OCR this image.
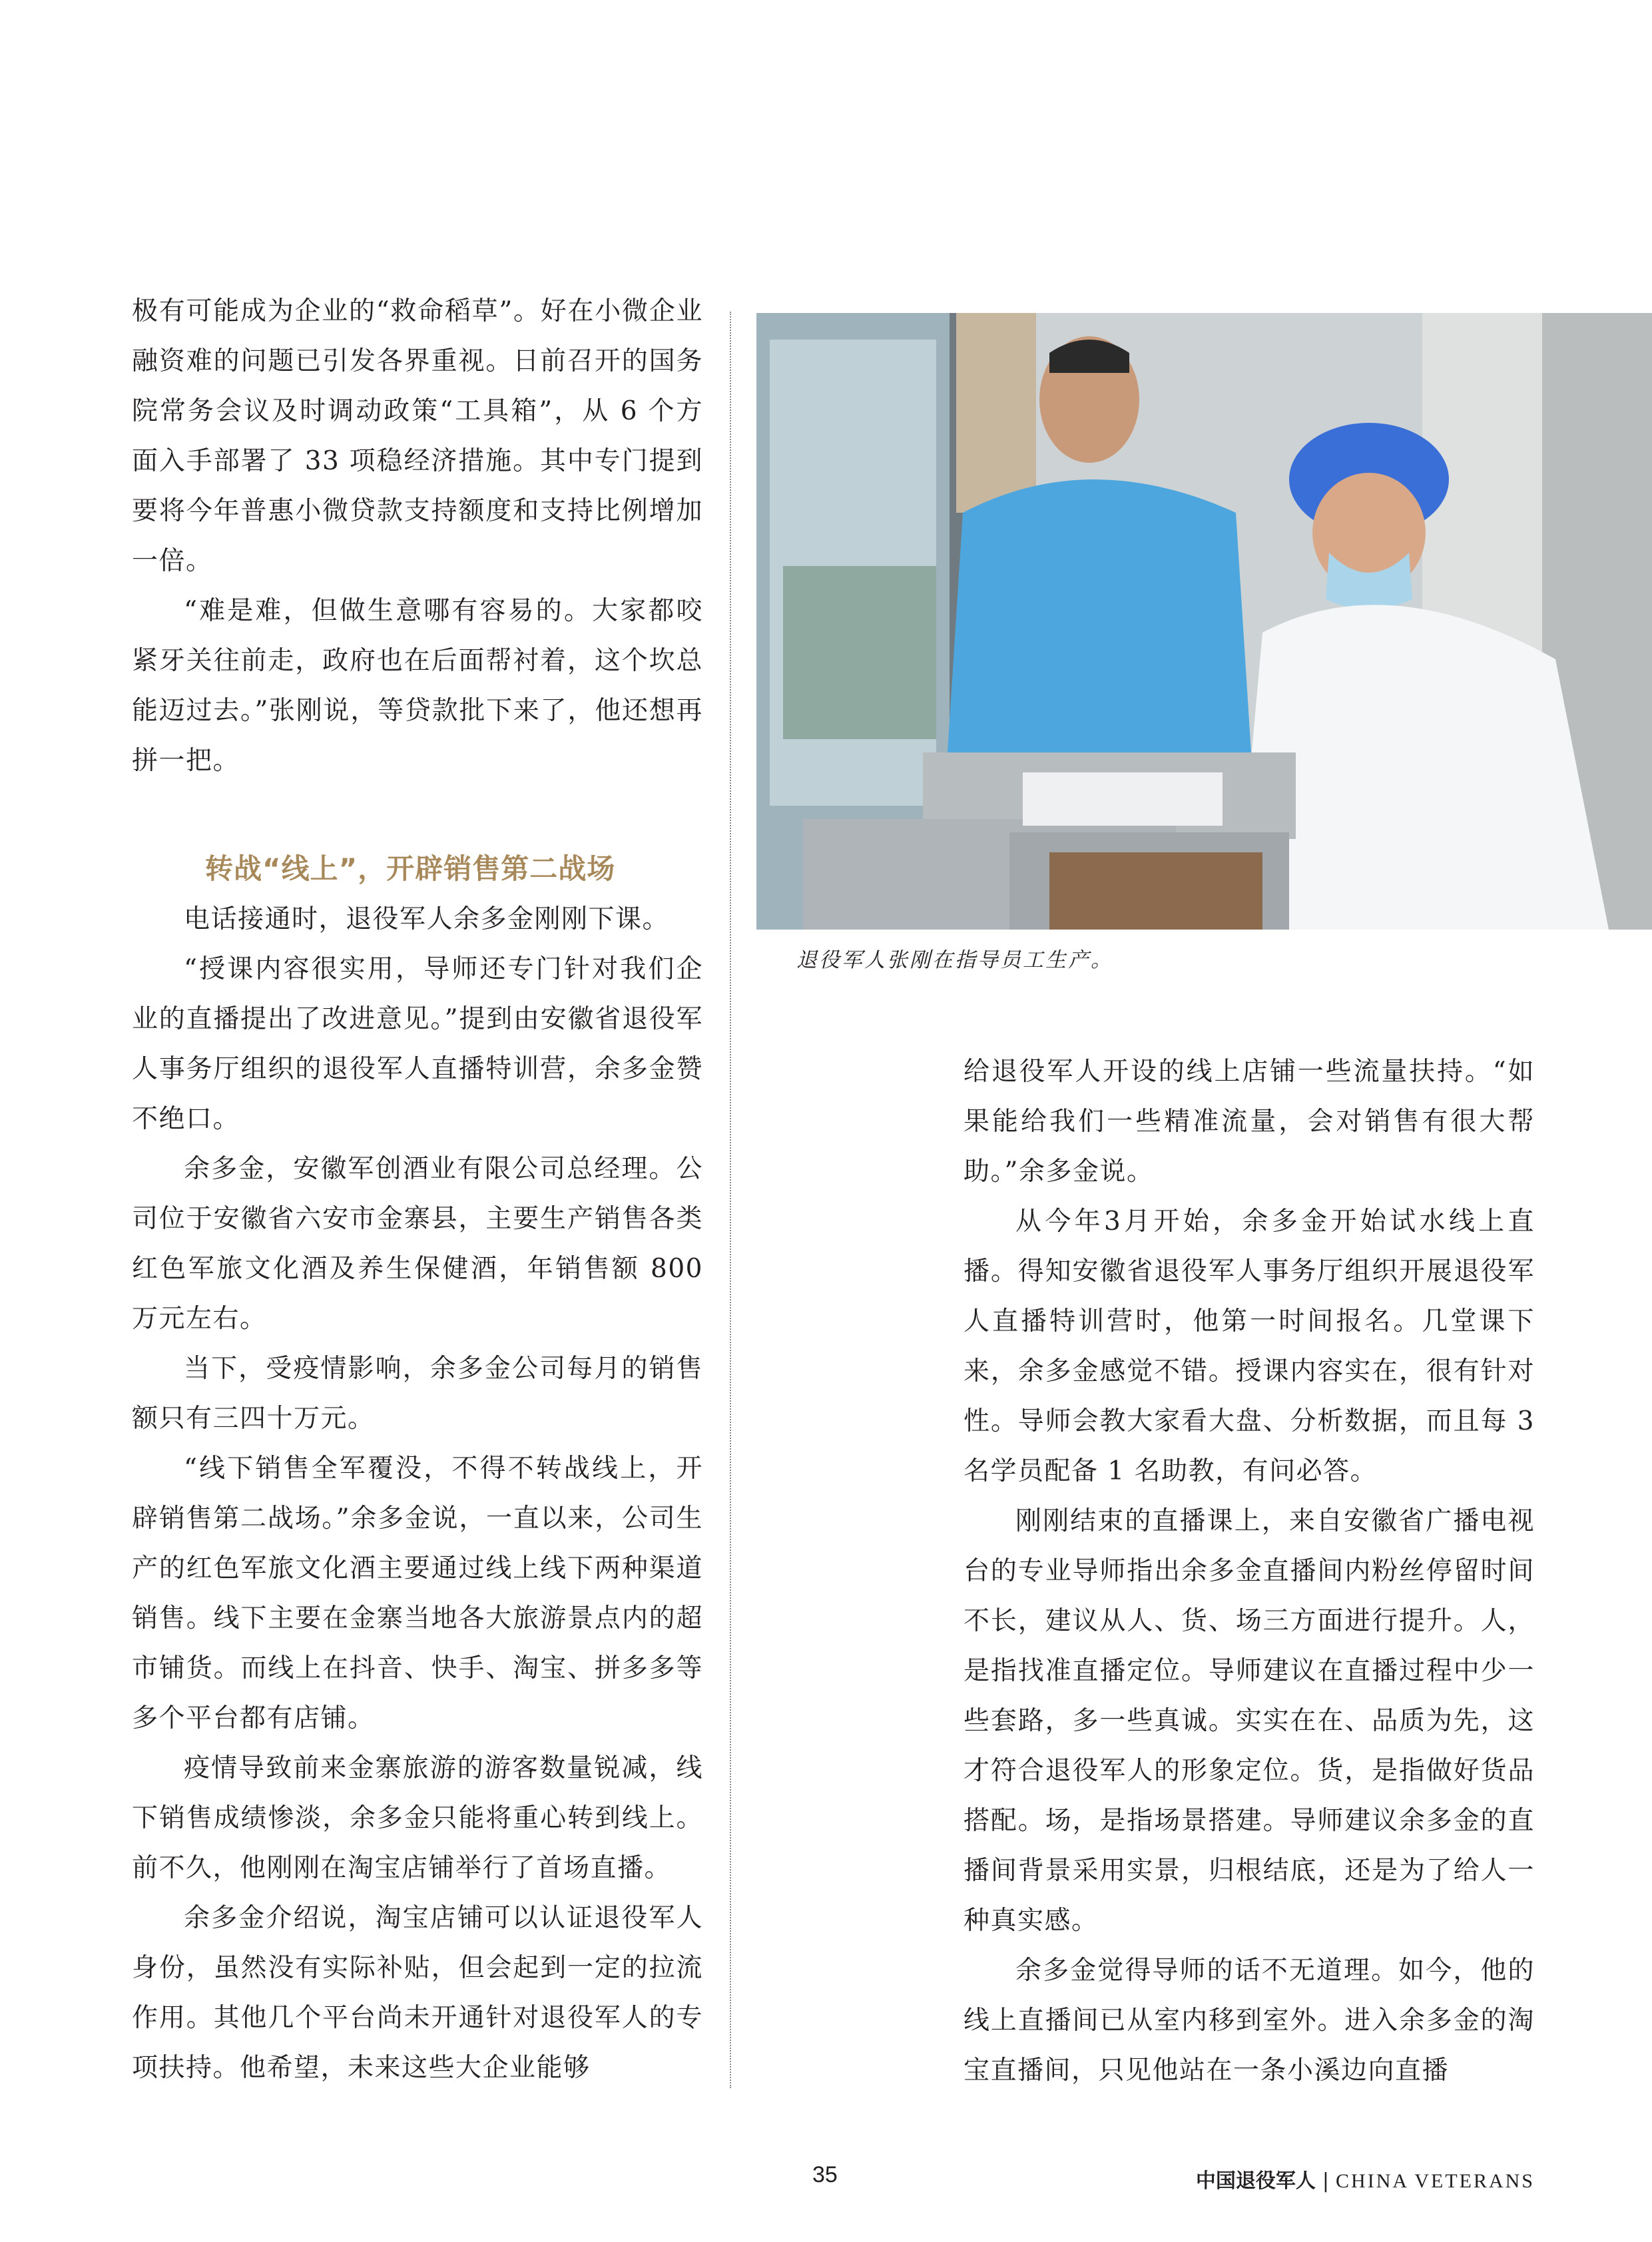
极有可能成为企业的“救命稻草”。好在小微企业融资难的问题已引发各界重视。日前召开的国务院常务会议及时调动政策“工具箱”，从 6 个方面入手部署了 33 项稳经济措施。其中专门提到要将今年普惠小微贷款支持额度和支持比例增加一倍。

“难是难，但做生意哪有容易的。大家都咬紧牙关往前走，政府也在后面帮衬着，这个坎总能迈过去。”张刚说，等贷款批下来了，他还想再拼一把。

转战“线上”，开辟销售第二战场

电话接通时，退役军人余多金刚刚下课。

“授课内容很实用，导师还专门针对我们企业的直播提出了改进意见。”提到由安徽省退役军人事务厅组织的退役军人直播特训营，余多金赞不绝口。

余多金，安徽军创酒业有限公司总经理。公司位于安徽省六安市金寨县，主要生产销售各类红色军旅文化酒及养生保健酒，年销售额 800 万元左右。

当下，受疫情影响，余多金公司每月的销售额只有三四十万元。

“线下销售全军覆没，不得不转战线上，开辟销售第二战场。”余多金说，一直以来，公司生产的红色军旅文化酒主要通过线上线下两种渠道销售。线下主要在金寨当地各大旅游景点内的超市铺货。而线上在抖音、快手、淘宝、拼多多等多个平台都有店铺。

疫情导致前来金寨旅游的游客数量锐减，线下销售成绩惨淡，余多金只能将重心转到线上。前不久，他刚刚在淘宝店铺举行了首场直播。

余多金介绍说，淘宝店铺可以认证退役军人身份，虽然没有实际补贴，但会起到一定的拉流作用。其他几个平台尚未开通针对退役军人的专项扶持。他希望，未来这些大企业能够

退役军人张刚在指导员工生产。

给退役军人开设的线上店铺一些流量扶持。“如果能给我们一些精准流量，会对销售有很大帮助。”余多金说。

从今年3月开始，余多金开始试水线上直播。得知安徽省退役军人事务厅组织开展退役军人直播特训营时，他第一时间报名。几堂课下来，余多金感觉不错。授课内容实在，很有针对性。导师会教大家看大盘、分析数据，而且每 3 名学员配备 1 名助教，有问必答。

刚刚结束的直播课上，来自安徽省广播电视台的专业导师指出余多金直播间内粉丝停留时间不长，建议从人、货、场三方面进行提升。人，是指找准直播定位。导师建议在直播过程中少一些套路，多一些真诚。实实在在、品质为先，这才符合退役军人的形象定位。货，是指做好货品搭配。场，是指场景搭建。导师建议余多金的直播间背景采用实景，归根结底，还是为了给人一种真实感。

余多金觉得导师的话不无道理。如今，他的线上直播间已从室内移到室外。进入余多金的淘宝直播间，只见他站在一条小溪边向直播

35	中国退役军人 | CHINA VETERANS
